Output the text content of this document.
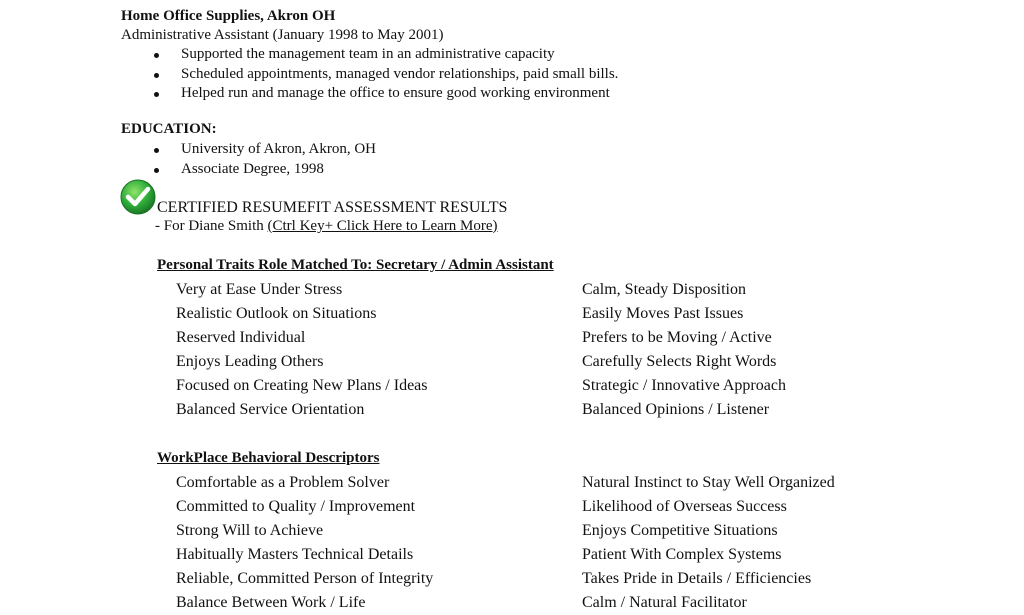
Home Office Supplies, Akron OH
Administrative Assistant (January 1998 to May 2001)
Supported the management team in an administrative capacity
Scheduled appointments, managed vendor relationships, paid small bills.
Helped run and manage the office to ensure good working environment
EDUCATION:
University of Akron, Akron, OH
Associate Degree, 1998
CERTIFIED RESUMEFIT ASSESSMENT RESULTS
- For Diane Smith (Ctrl Key+ Click Here to Learn More)
Personal Traits Role Matched To: Secretary / Admin Assistant
Very at Ease Under Stress	Calm, Steady Disposition
Realistic Outlook on Situations	Easily Moves Past Issues
Reserved Individual	Prefers to be Moving / Active
Enjoys Leading Others	Carefully Selects Right Words
Focused on Creating New Plans / Ideas	Strategic / Innovative Approach
Balanced Service Orientation	Balanced Opinions / Listener
WorkPlace Behavioral Descriptors
Comfortable as a Problem Solver	Natural Instinct to Stay Well Organized
Committed to Quality / Improvement	Likelihood of Overseas Success
Strong Will to Achieve	Enjoys Competitive Situations
Habitually Masters Technical Details	Patient With Complex Systems
Reliable, Committed Person of Integrity	Takes Pride in Details / Efficiencies
Balance Between Work / Life	Calm / Natural Facilitator
